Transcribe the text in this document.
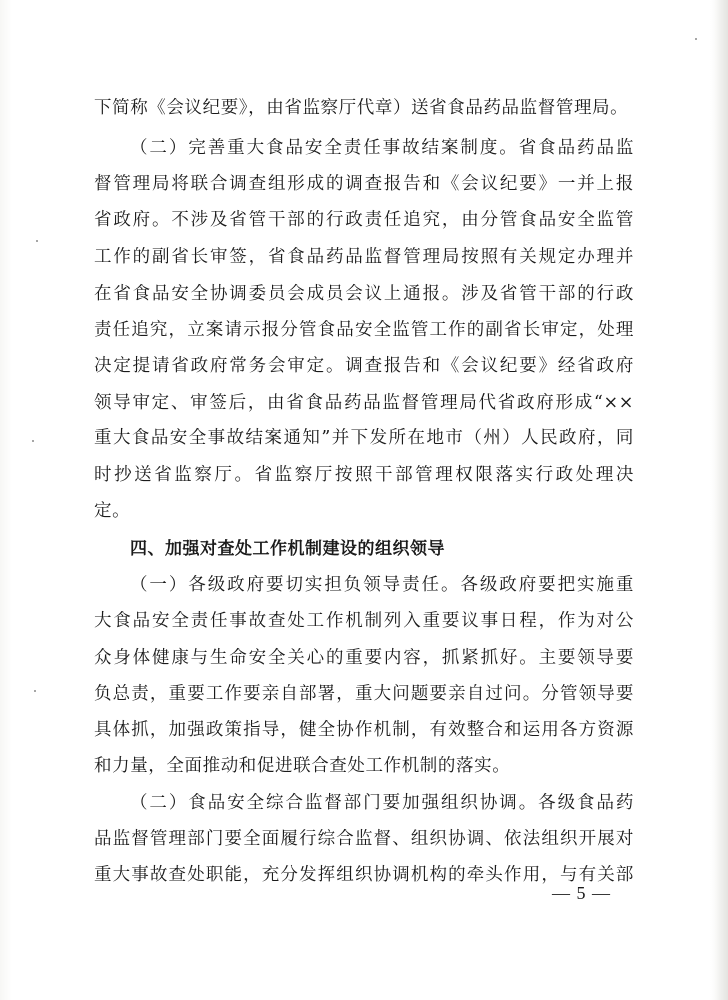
下简称《会议纪要》，由省监察厅代章）送省食品药品监督管理局。
（二）完善重大食品安全责任事故结案制度。省食品药品监
督管理局将联合调查组形成的调查报告和《会议纪要》一并上报
省政府。不涉及省管干部的行政责任追究，由分管食品安全监管
工作的副省长审签，省食品药品监督管理局按照有关规定办理并
在省食品安全协调委员会成员会议上通报。涉及省管干部的行政
责任追究，立案请示报分管食品安全监管工作的副省长审定，处理
决定提请省政府常务会审定。调查报告和《会议纪要》经省政府
领导审定、审签后，由省食品药品监督管理局代省政府形成“××
重大食品安全事故结案通知”并下发所在地市（州）人民政府，同
时抄送省监察厅。省监察厅按照干部管理权限落实行政处理决
定。
四、加强对查处工作机制建设的组织领导
（一）各级政府要切实担负领导责任。各级政府要把实施重
大食品安全责任事故查处工作机制列入重要议事日程，作为对公
众身体健康与生命安全关心的重要内容，抓紧抓好。主要领导要
负总责，重要工作要亲自部署，重大问题要亲自过问。分管领导要
具体抓，加强政策指导，健全协作机制，有效整合和运用各方资源
和力量，全面推动和促进联合查处工作机制的落实。
（二）食品安全综合监督部门要加强组织协调。各级食品药
品监督管理部门要全面履行综合监督、组织协调、依法组织开展对
重大事故查处职能，充分发挥组织协调机构的牵头作用，与有关部
— 5 —
